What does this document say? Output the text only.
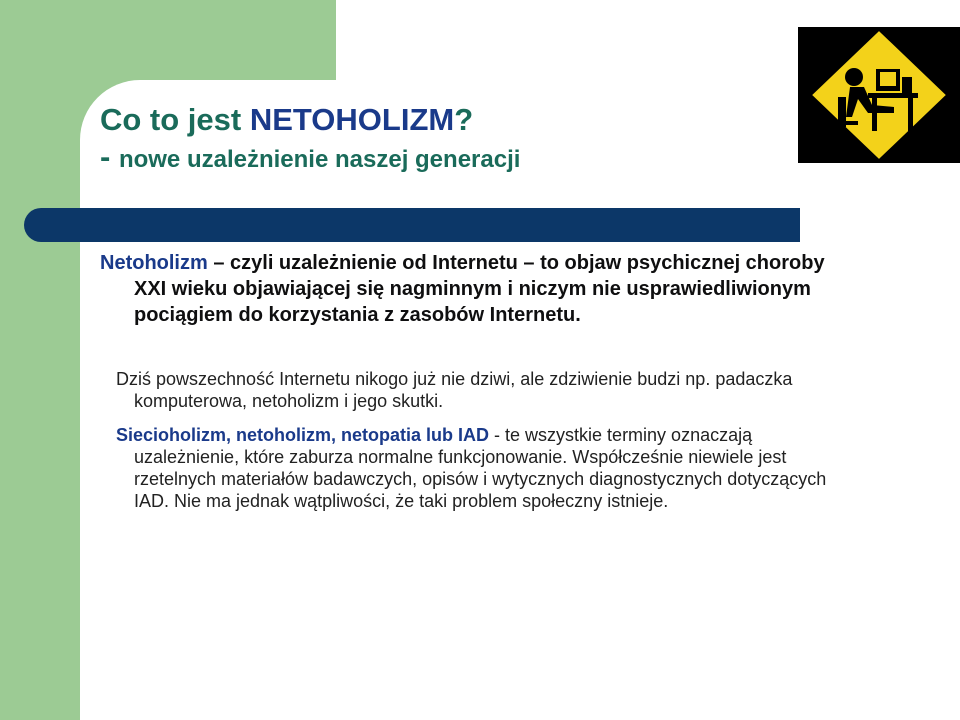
Co to jest NETOHOLIZM?
- nowe uzależnienie naszej generacji

Netoholizm – czyli uzależnienie od Internetu – to objaw psychicznej choroby XXI wieku objawiającej się nagminnym i niczym nie usprawiedliwionym pociągiem do korzystania z zasobów Internetu.

Dziś powszechność Internetu nikogo już nie dziwi, ale zdziwienie budzi np. padaczka komputerowa, netoholizm i jego skutki.

Siecioholizm, netoholizm, netopatia lub IAD - te wszystkie terminy oznaczają uzależnienie, które zaburza normalne funkcjonowanie. Współcześnie niewiele jest rzetelnych materiałów badawczych, opisów i wytycznych diagnostycznych dotyczących IAD. Nie ma jednak wątpliwości, że taki problem społeczny istnieje.
